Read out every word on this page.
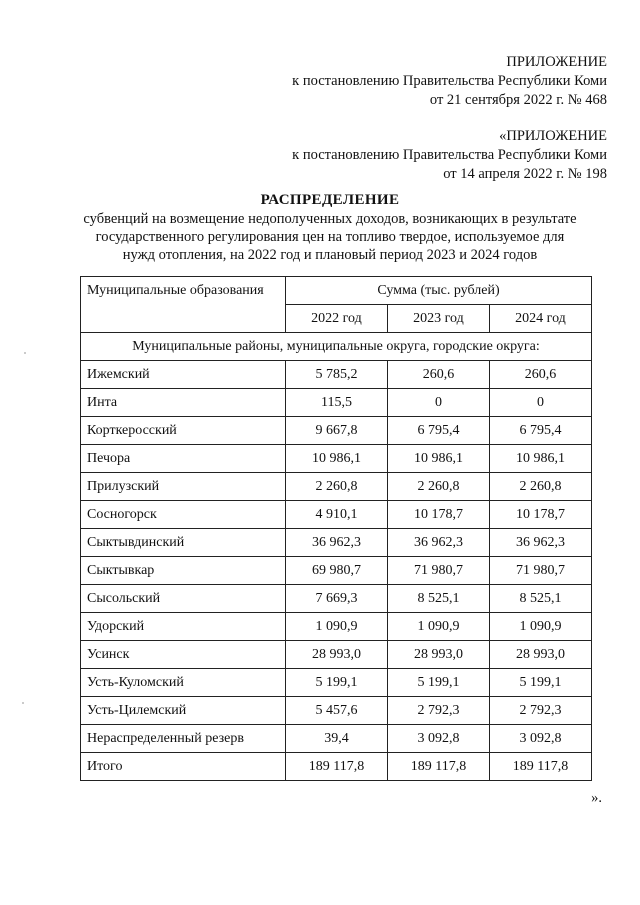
ПРИЛОЖЕНИЕ
к постановлению Правительства Республики Коми
от 21 сентября 2022 г. № 468
«ПРИЛОЖЕНИЕ
к постановлению Правительства Республики Коми
от 14 апреля 2022 г. № 198
РАСПРЕДЕЛЕНИЕ
субвенций на возмещение недополученных доходов, возникающих в результате
государственного регулирования цен на топливо твердое, используемое для
нужд отопления, на 2022 год и плановый период 2023 и 2024 годов
Муниципальные образования	Сумма (тыс. рублей)		
	2022 год	2023 год	2024 год
Муниципальные районы, муниципальные округа, городские округа:			
Ижемский	5 785,2	260,6	260,6
Инта	115,5	0	0
Корткеросский	9 667,8	6 795,4	6 795,4
Печора	10 986,1	10 986,1	10 986,1
Прилузский	2 260,8	2 260,8	2 260,8
Сосногорск	4 910,1	10 178,7	10 178,7
Сыктывдинский	36 962,3	36 962,3	36 962,3
Сыктывкар	69 980,7	71 980,7	71 980,7
Сысольский	7 669,3	8 525,1	8 525,1
Удорский	1 090,9	1 090,9	1 090,9
Усинск	28 993,0	28 993,0	28 993,0
Усть-Куломский	5 199,1	5 199,1	5 199,1
Усть-Цилемский	5 457,6	2 792,3	2 792,3
Нераспределенный резерв	39,4	3 092,8	3 092,8
Итого	189 117,8	189 117,8	189 117,8
».
